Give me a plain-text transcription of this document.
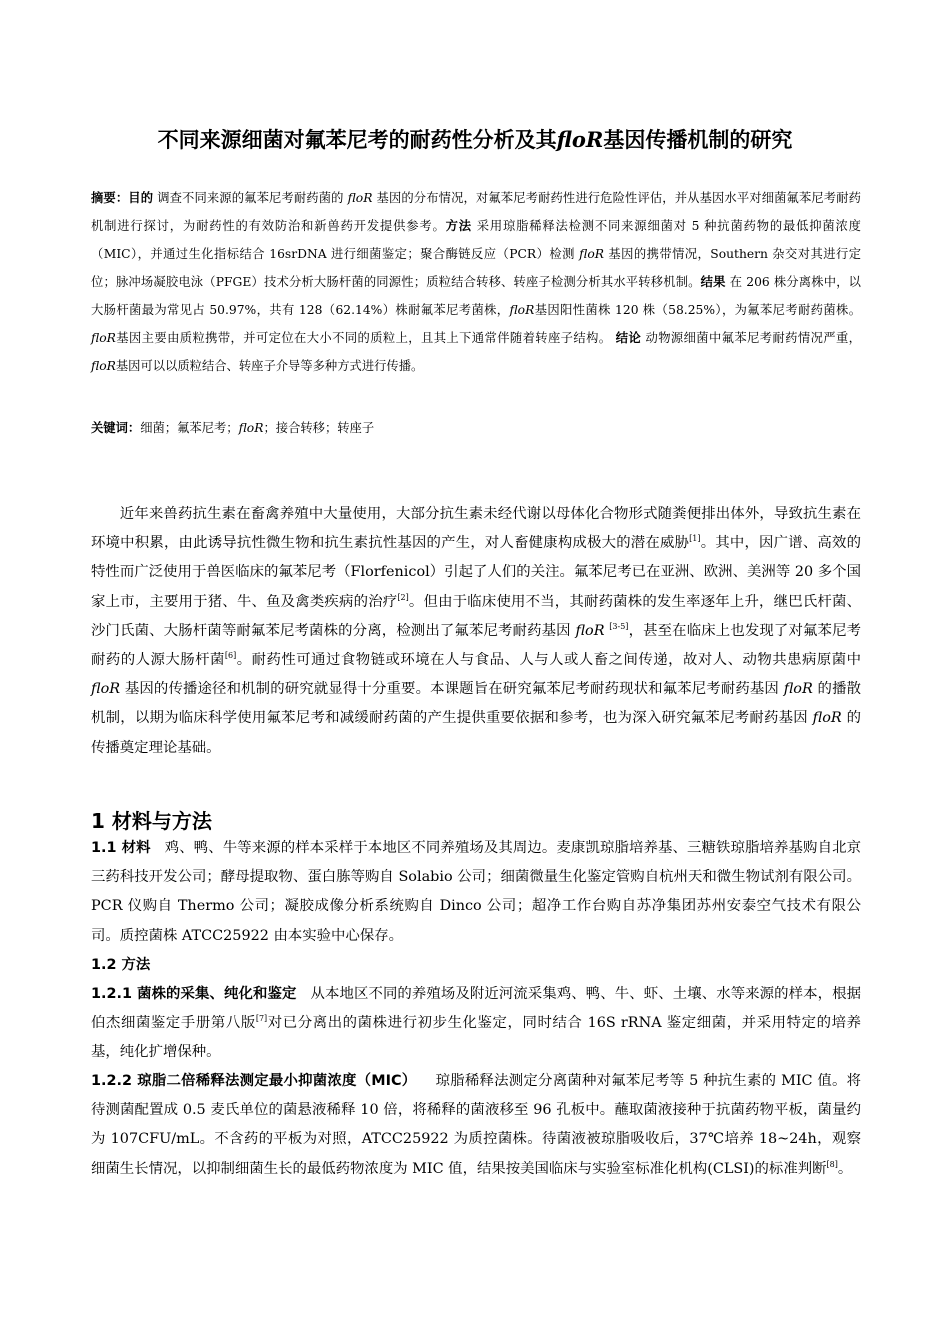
不同来源细菌对氟苯尼考的耐药性分析及其floR基因传播机制的研究
摘要：目的 调查不同来源的氟苯尼考耐药菌的 floR 基因的分布情况，对氟苯尼考耐药性进行危险性评估，并从基因水平对细菌氟苯尼考耐药机制进行探讨，为耐药性的有效防治和新兽药开发提供参考。方法 采用琼脂稀释法检测不同来源细菌对 5 种抗菌药物的最低抑菌浓度（MIC），并通过生化指标结合 16srDNA 进行细菌鉴定；聚合酶链反应（PCR）检测 floR 基因的携带情况，Southern 杂交对其进行定位；脉冲场凝胶电泳（PFGE）技术分析大肠杆菌的同源性；质粒结合转移、转座子检测分析其水平转移机制。结果 在 206 株分离株中，以大肠杆菌最为常见占 50.97%，共有 128（62.14%）株耐氟苯尼考菌株，floR基因阳性菌株 120 株（58.25%），为氟苯尼考耐药菌株。floR基因主要由质粒携带，并可定位在大小不同的质粒上，且其上下通常伴随着转座子结构。 结论 动物源细菌中氟苯尼考耐药情况严重，floR基因可以以质粒结合、转座子介导等多种方式进行传播。
关键词：细菌；氟苯尼考；floR；接合转移；转座子
近年来兽药抗生素在畜禽养殖中大量使用，大部分抗生素未经代谢以母体化合物形式随粪便排出体外，导致抗生素在环境中积累，由此诱导抗性微生物和抗生素抗性基因的产生，对人畜健康构成极大的潜在威胁[1]。其中，因广谱、高效的特性而广泛使用于兽医临床的氟苯尼考（Florfenicol）引起了人们的关注。氟苯尼考已在亚洲、欧洲、美洲等 20 多个国家上市，主要用于猪、牛、鱼及禽类疾病的治疗[2]。但由于临床使用不当，其耐药菌株的发生率逐年上升，继巴氏杆菌、沙门氏菌、大肠杆菌等耐氟苯尼考菌株的分离，检测出了氟苯尼考耐药基因 floR [3-5]，甚至在临床上也发现了对氟苯尼考耐药的人源大肠杆菌[6]。耐药性可通过食物链或环境在人与食品、人与人或人畜之间传递，故对人、动物共患病原菌中 floR 基因的传播途径和机制的研究就显得十分重要。本课题旨在研究氟苯尼考耐药现状和氟苯尼考耐药基因 floR 的播散机制，以期为临床科学使用氟苯尼考和减缓耐药菌的产生提供重要依据和参考，也为深入研究氟苯尼考耐药基因 floR 的传播奠定理论基础。
1 材料与方法
1.1 材料 鸡、鸭、牛等来源的样本采样于本地区不同养殖场及其周边。麦康凯琼脂培养基、三糖铁琼脂培养基购自北京三药科技开发公司；酵母提取物、蛋白胨等购自 Solabio 公司；细菌微量生化鉴定管购自杭州天和微生物试剂有限公司。PCR 仪购自 Thermo 公司；凝胶成像分析系统购自 Dinco 公司；超净工作台购自苏净集团苏州安泰空气技术有限公司。质控菌株 ATCC25922 由本实验中心保存。
1.2 方法
1.2.1 菌株的采集、纯化和鉴定 从本地区不同的养殖场及附近河流采集鸡、鸭、牛、虾、土壤、水等来源的样本，根据伯杰细菌鉴定手册第八版[7]对已分离出的菌株进行初步生化鉴定，同时结合 16S rRNA 鉴定细菌，并采用特定的培养基，纯化扩增保种。
1.2.2 琼脂二倍稀释法测定最小抑菌浓度（MIC） 琼脂稀释法测定分离菌种对氟苯尼考等 5 种抗生素的 MIC 值。将待测菌配置成 0.5 麦氏单位的菌悬液稀释 10 倍，将稀释的菌液移至 96 孔板中。蘸取菌液接种于抗菌药物平板，菌量约为 107CFU/mL。不含药的平板为对照，ATCC25922 为质控菌株。待菌液被琼脂吸收后，37℃培养 18~24h，观察细菌生长情况，以抑制细菌生长的最低药物浓度为 MIC 值，结果按美国临床与实验室标准化机构(CLSI)的标准判断[8]。
